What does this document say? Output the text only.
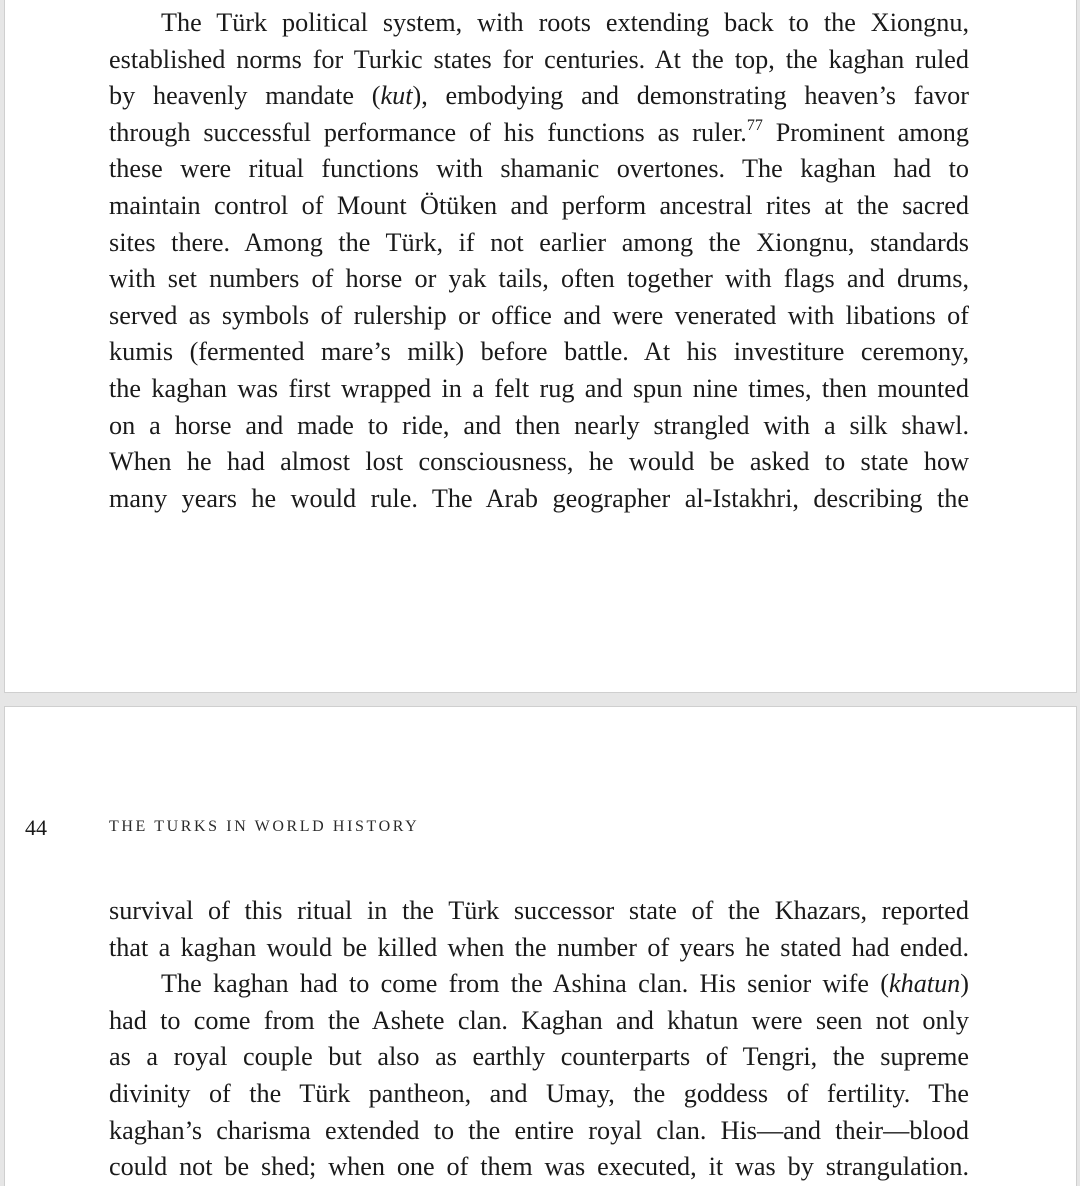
The Türk political system, with roots extending back to the Xiongnu,
established norms for Turkic states for centuries. At the top, the kaghan ruled
by heavenly mandate (kut), embodying and demonstrating heaven’s favor
through successful performance of his functions as ruler.$^{77}$ Prominent among
these were ritual functions with shamanic overtones. The kaghan had to
maintain control of Mount Ötüken and perform ancestral rites at the sacred
sites there. Among the Türk, if not earlier among the Xiongnu, standards
with set numbers of horse or yak tails, often together with flags and drums,
served as symbols of rulership or office and were venerated with libations of
kumis (fermented mare’s milk) before battle. At his investiture ceremony,
the kaghan was first wrapped in a felt rug and spun nine times, then mounted
on a horse and made to ride, and then nearly strangled with a silk shawl.
When he had almost lost consciousness, he would be asked to state how
many years he would rule. The Arab geographer al-Istakhri, describing the

44	THE TURKS IN WORLD HISTORY

survival of this ritual in the Türk successor state of the Khazars, reported
that a kaghan would be killed when the number of years he stated had ended.
The kaghan had to come from the Ashina clan. His senior wife (khatun)
had to come from the Ashete clan. Kaghan and khatun were seen not only
as a royal couple but also as earthly counterparts of Tengri, the supreme
divinity of the Türk pantheon, and Umay, the goddess of fertility. The
kaghan’s charisma extended to the entire royal clan. His—and their—blood
could not be shed; when one of them was executed, it was by strangulation.
